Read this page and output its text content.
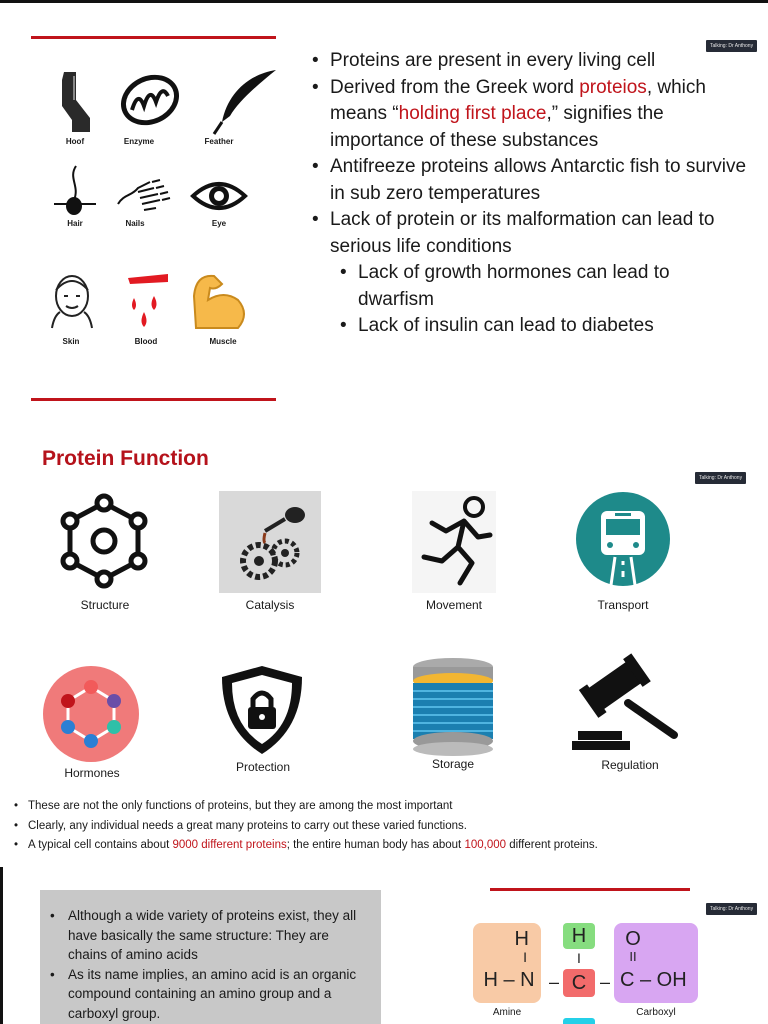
Talking: Dr Anthony
Hoof	Enzyme	Feather
Hair	Nails	Eye
Skin	Blood	Muscle
• Proteins are present in every living cell
• Derived from the Greek word proteios, which means “holding first place,” signifies the importance of these substances
• Antifreeze proteins allows Antarctic fish to survive in sub zero temperatures
• Lack of protein or its malformation can lead to serious life conditions
• Lack of growth hormones can lead to dwarfism
• Lack of insulin can lead to diabetes
Protein Function
Talking: Dr Anthony
Structure	Catalysis	Movement	Transport
Hormones	Protection	Storage	Regulation
• These are not the only functions of proteins, but they are among the most important
• Clearly, any individual needs a great many proteins to carry out these varied functions.
• A typical cell contains about 9000 different proteins; the entire human body has about 100,000 different proteins.
• Although a wide variety of proteins exist, they all have basically the same structure: They are chains of amino acids
• As its name implies, an amino acid is an organic compound containing an amino group and a carboxyl group.
Talking: Dr Anthony
H
I
H – N –
H
I
C –
O
II
C – OH
Amine	Carboxyl
